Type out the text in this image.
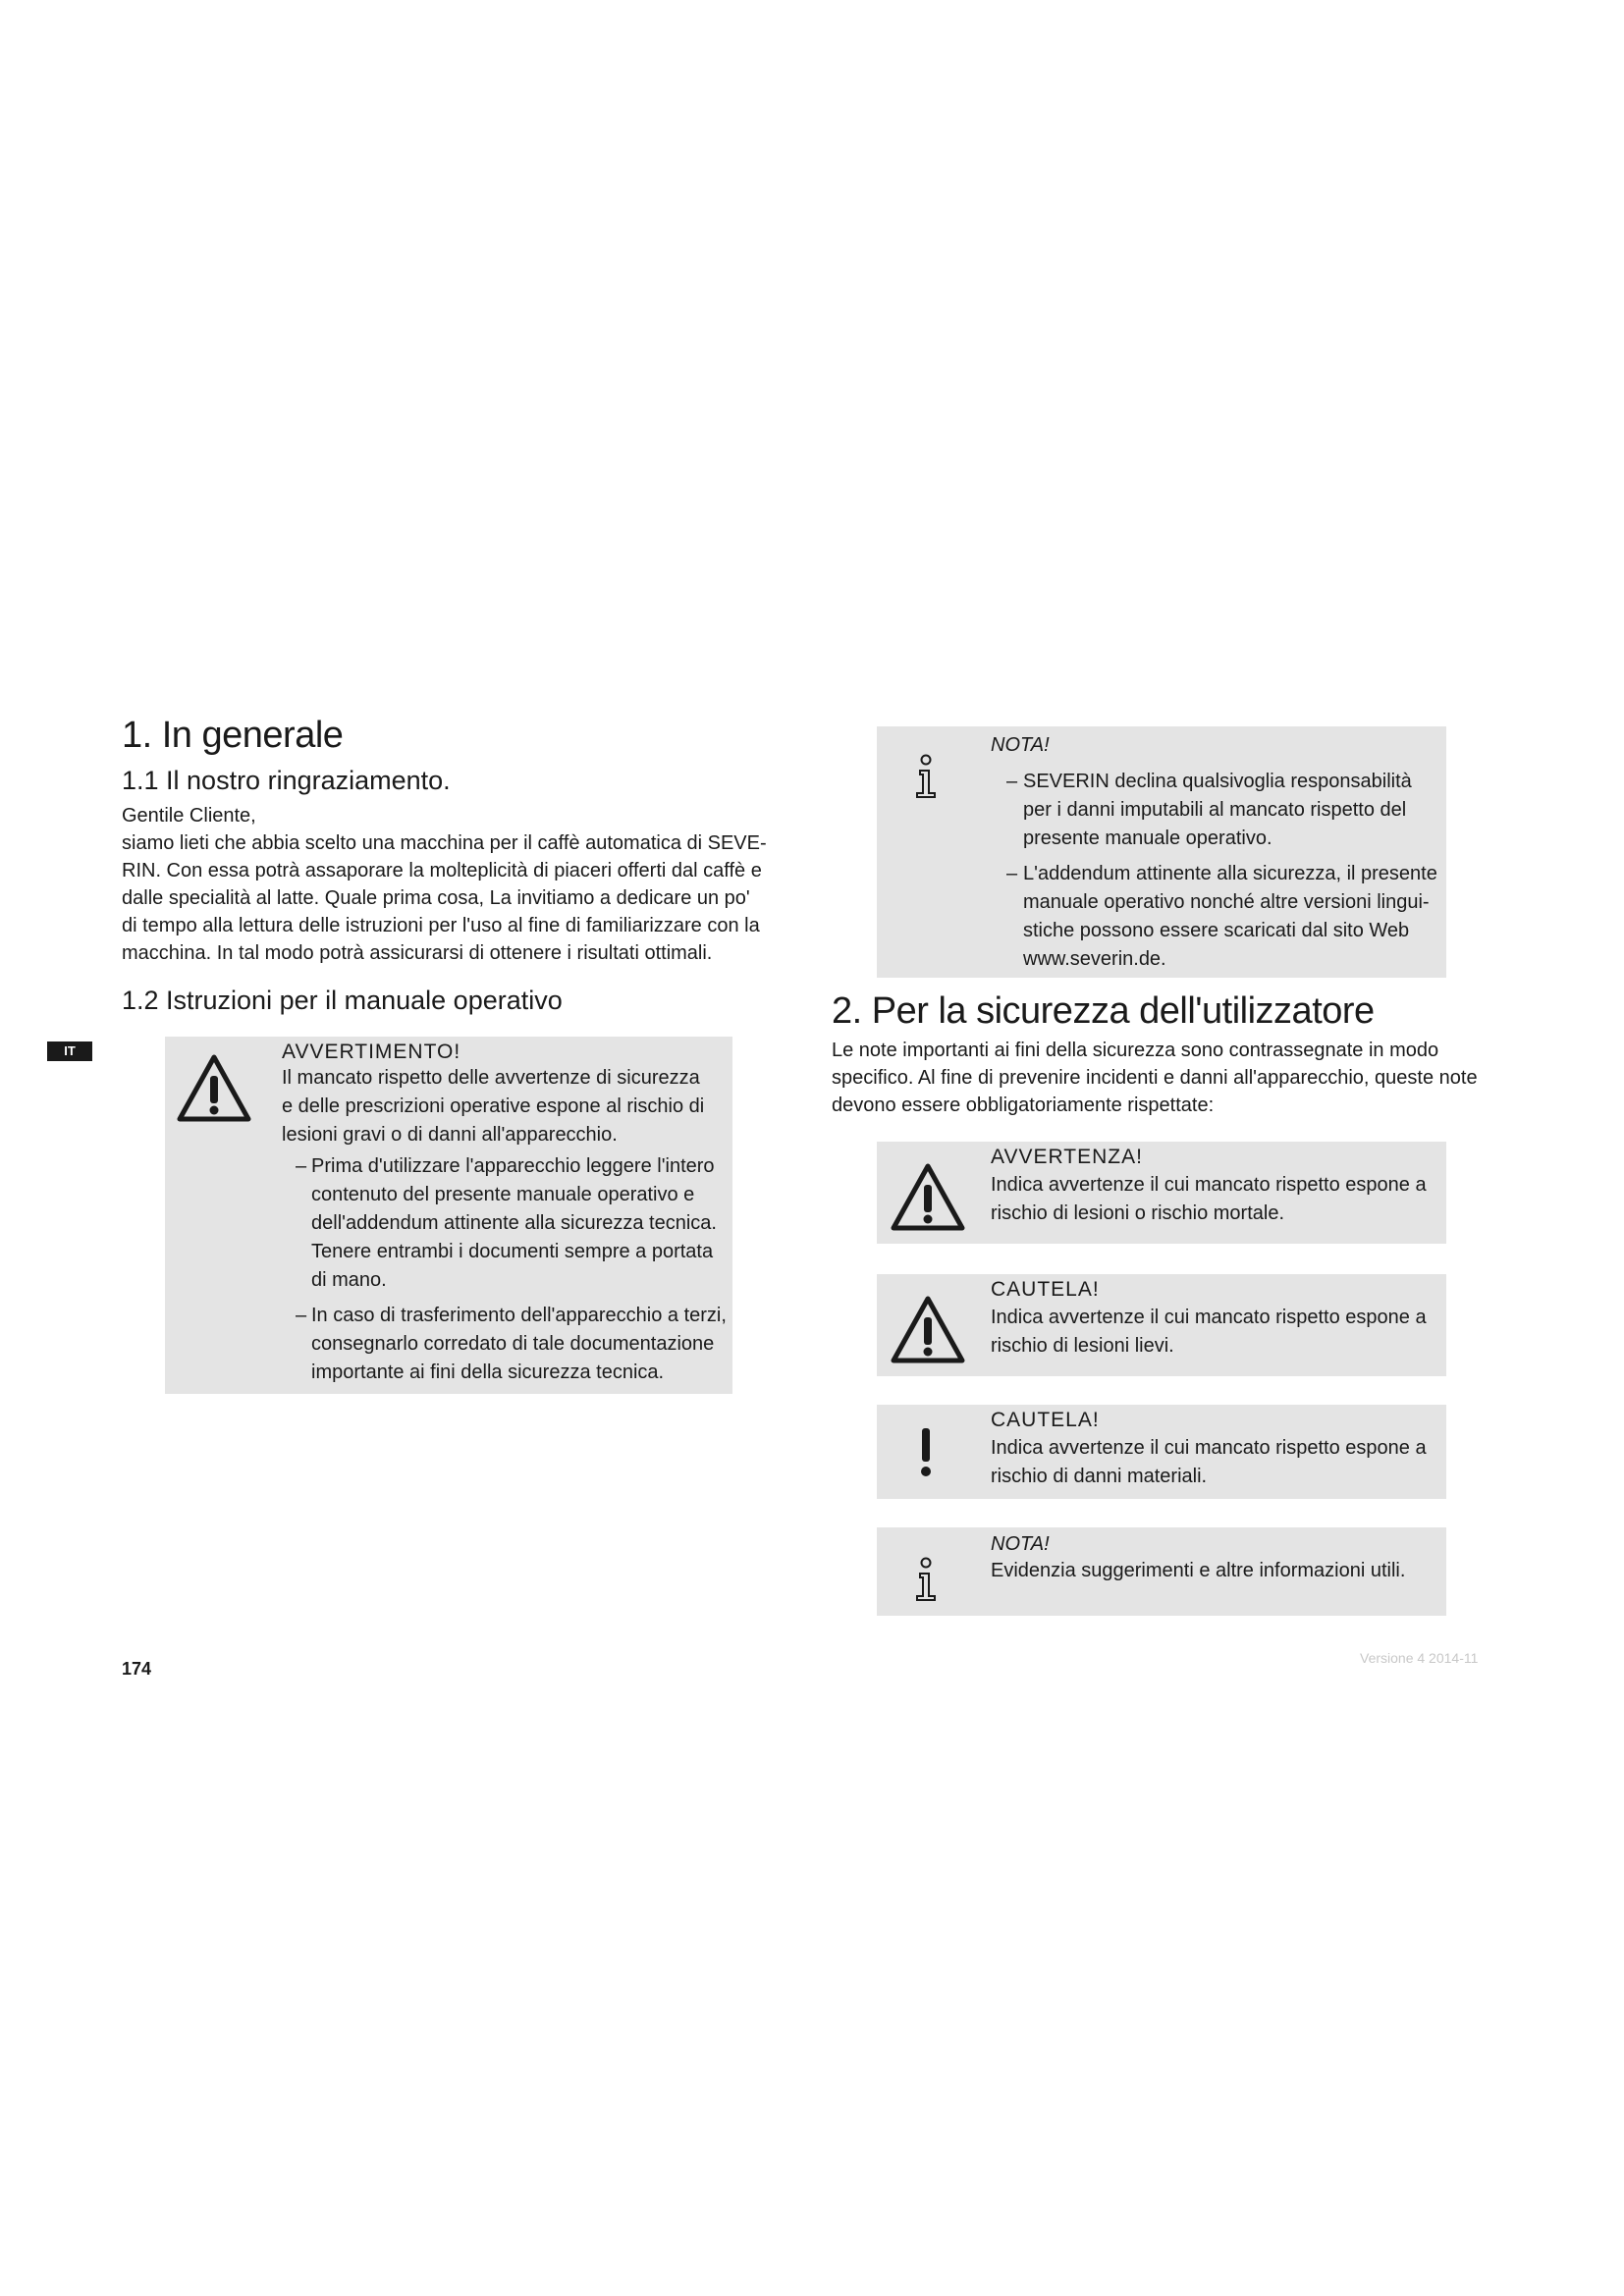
IT
1. In generale
1.1 Il nostro ringraziamento.
Gentile Cliente,
siamo lieti che abbia scelto una macchina per il caffè automatica di SEVE-
RIN. Con essa potrà assaporare la molteplicità di piaceri offerti dal caffè e
dalle specialità al latte. Quale prima cosa, La invitiamo a dedicare un po'
di tempo alla lettura delle istruzioni per l'uso al fine di familiarizzare con la
macchina. In tal modo potrà assicurarsi di ottenere i risultati ottimali.
1.2 Istruzioni per il manuale operativo
AVVERTIMENTO!
Il mancato rispetto delle avvertenze di sicurezza
e delle prescrizioni operative espone al rischio di
lesioni gravi o di danni all'apparecchio.
– Prima d'utilizzare l'apparecchio leggere l'intero
contenuto del presente manuale operativo e
dell'addendum attinente alla sicurezza tecnica.
Tenere entrambi i documenti sempre a portata
di mano.
– In caso di trasferimento dell'apparecchio a terzi,
consegnarlo corredato di tale documentazione
importante ai fini della sicurezza tecnica.
NOTA!
– SEVERIN declina qualsivoglia responsabilità
per i danni imputabili al mancato rispetto del
presente manuale operativo.
– L'addendum attinente alla sicurezza, il presente
manuale operativo nonché altre versioni lingui-
stiche possono essere scaricati dal sito Web
www.severin.de.
2. Per la sicurezza dell'utilizzatore
Le note importanti ai fini della sicurezza sono contrassegnate in modo
specifico. Al fine di prevenire incidenti e danni all'apparecchio, queste note
devono essere obbligatoriamente rispettate:
AVVERTENZA!
Indica avvertenze il cui mancato rispetto espone a
rischio di lesioni o rischio mortale.
CAUTELA!
Indica avvertenze il cui mancato rispetto espone a
rischio di lesioni lievi.
CAUTELA!
Indica avvertenze il cui mancato rispetto espone a
rischio di danni materiali.
NOTA!
Evidenzia suggerimenti e altre informazioni utili.
174
Versione 4 2014-11
